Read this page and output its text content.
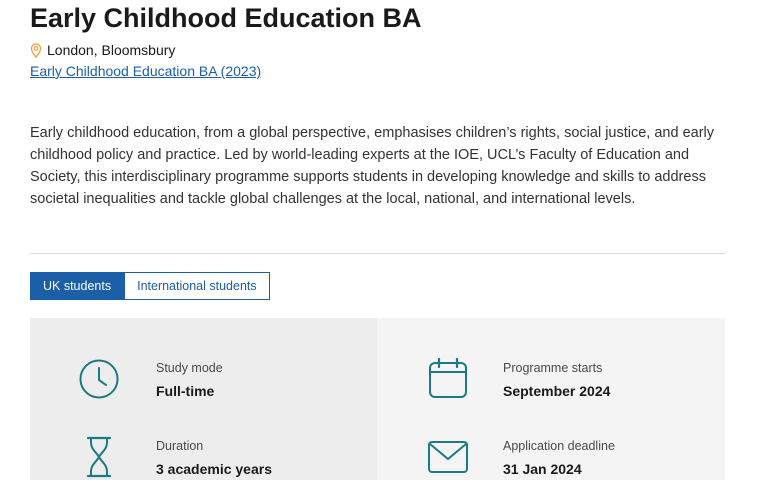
Early Childhood Education BA
London, Bloomsbury
Early Childhood Education BA (2023)

Early childhood education, from a global perspective, emphasises children’s rights, social justice, and early childhood policy and practice. Led by world-leading experts at the IOE, UCL’s Faculty of Education and Society, this interdisciplinary programme supports students in developing knowledge and skills to address societal inequalities and tackle global challenges at the local, national, and international levels.

UK students	International students
Study mode
Full-time
Duration
3 academic years
Programme starts
September 2024
Application deadline
31 Jan 2024
